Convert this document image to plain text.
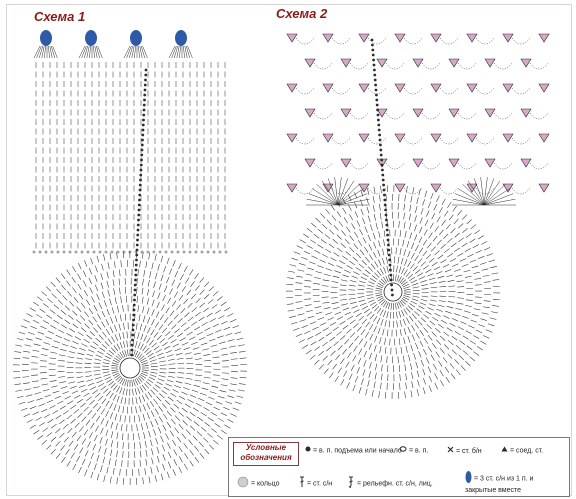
Схема 1	Схема 2
Условные обозначения
= в. п. подъема или начало	= в. п.	= ст. б/н	= соед. ст.
= кольцо	= ст. с/н	= рельефн. ст. с/н, лиц.
= 3 ст. с/н из 1 п. и закрытые вместе
